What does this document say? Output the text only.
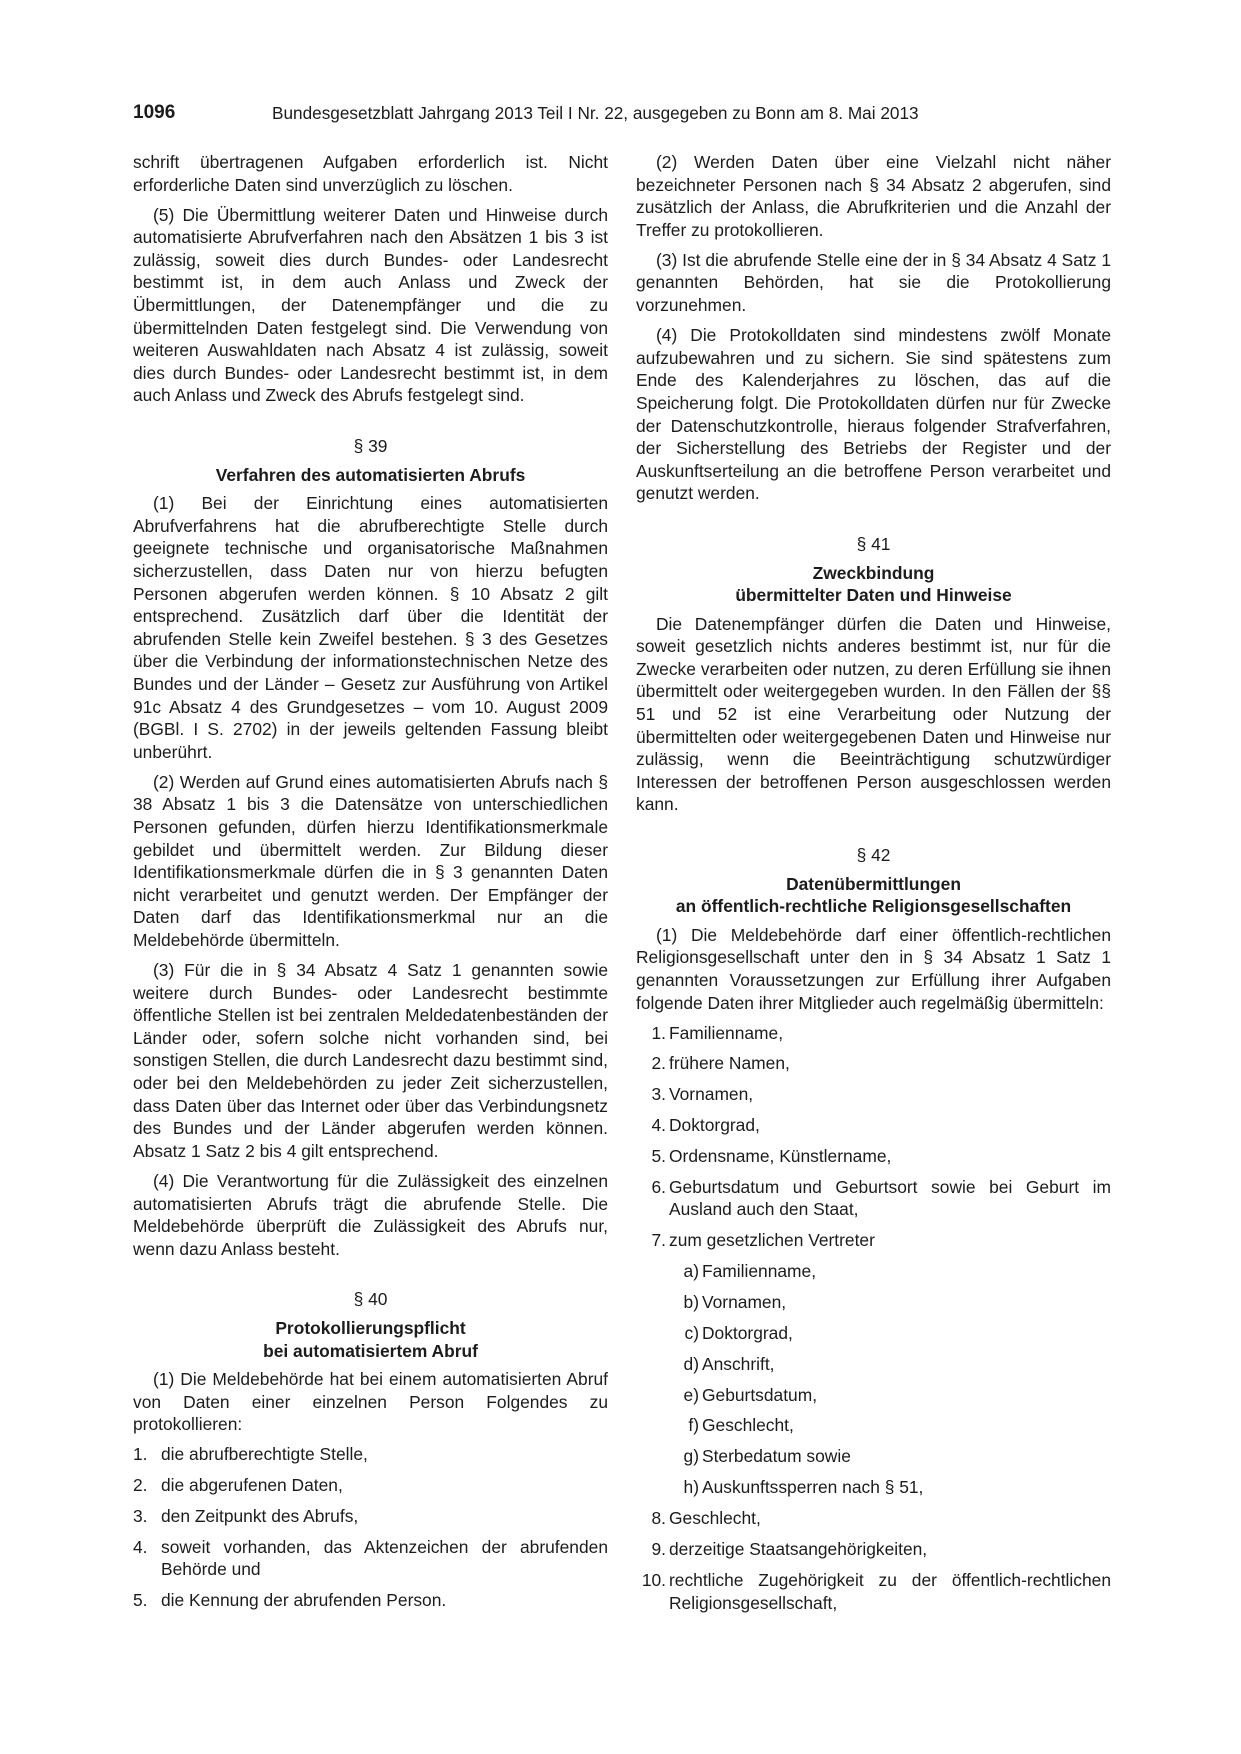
1096	Bundesgesetzblatt Jahrgang 2013 Teil I Nr. 22, ausgegeben zu Bonn am 8. Mai 2013

schrift übertragenen Aufgaben erforderlich ist. Nicht erforderliche Daten sind unverzüglich zu löschen.

(5) Die Übermittlung weiterer Daten und Hinweise durch automatisierte Abrufverfahren nach den Absätzen 1 bis 3 ist zulässig, soweit dies durch Bundes- oder Landesrecht bestimmt ist, in dem auch Anlass und Zweck der Übermittlungen, der Datenempfänger und die zu übermittelnden Daten festgelegt sind. Die Verwendung von weiteren Auswahldaten nach Absatz 4 ist zulässig, soweit dies durch Bundes- oder Landesrecht bestimmt ist, in dem auch Anlass und Zweck des Abrufs festgelegt sind.

§ 39
Verfahren des automatisierten Abrufs

(1) Bei der Einrichtung eines automatisierten Abrufverfahrens hat die abrufberechtigte Stelle durch geeignete technische und organisatorische Maßnahmen sicherzustellen, dass Daten nur von hierzu befugten Personen abgerufen werden können. § 10 Absatz 2 gilt entsprechend. Zusätzlich darf über die Identität der abrufenden Stelle kein Zweifel bestehen. § 3 des Gesetzes über die Verbindung der informationstechnischen Netze des Bundes und der Länder – Gesetz zur Ausführung von Artikel 91c Absatz 4 des Grundgesetzes – vom 10. August 2009 (BGBl. I S. 2702) in der jeweils geltenden Fassung bleibt unberührt.

(2) Werden auf Grund eines automatisierten Abrufs nach § 38 Absatz 1 bis 3 die Datensätze von unterschiedlichen Personen gefunden, dürfen hierzu Identifikationsmerkmale gebildet und übermittelt werden. Zur Bildung dieser Identifikationsmerkmale dürfen die in § 3 genannten Daten nicht verarbeitet und genutzt werden. Der Empfänger der Daten darf das Identifikationsmerkmal nur an die Meldebehörde übermitteln.

(3) Für die in § 34 Absatz 4 Satz 1 genannten sowie weitere durch Bundes- oder Landesrecht bestimmte öffentliche Stellen ist bei zentralen Meldedatenbeständen der Länder oder, sofern solche nicht vorhanden sind, bei sonstigen Stellen, die durch Landesrecht dazu bestimmt sind, oder bei den Meldebehörden zu jeder Zeit sicherzustellen, dass Daten über das Internet oder über das Verbindungsnetz des Bundes und der Länder abgerufen werden können. Absatz 1 Satz 2 bis 4 gilt entsprechend.

(4) Die Verantwortung für die Zulässigkeit des einzelnen automatisierten Abrufs trägt die abrufende Stelle. Die Meldebehörde überprüft die Zulässigkeit des Abrufs nur, wenn dazu Anlass besteht.

§ 40
Protokollierungspflicht
bei automatisiertem Abruf

(1) Die Meldebehörde hat bei einem automatisierten Abruf von Daten einer einzelnen Person Folgendes zu protokollieren:

1. die abrufberechtigte Stelle,
2. die abgerufenen Daten,
3. den Zeitpunkt des Abrufs,
4. soweit vorhanden, das Aktenzeichen der abrufenden Behörde und
5. die Kennung der abrufenden Person.

(2) Werden Daten über eine Vielzahl nicht näher bezeichneter Personen nach § 34 Absatz 2 abgerufen, sind zusätzlich der Anlass, die Abrufkriterien und die Anzahl der Treffer zu protokollieren.

(3) Ist die abrufende Stelle eine der in § 34 Absatz 4 Satz 1 genannten Behörden, hat sie die Protokollierung vorzunehmen.

(4) Die Protokolldaten sind mindestens zwölf Monate aufzubewahren und zu sichern. Sie sind spätestens zum Ende des Kalenderjahres zu löschen, das auf die Speicherung folgt. Die Protokolldaten dürfen nur für Zwecke der Datenschutzkontrolle, hieraus folgender Strafverfahren, der Sicherstellung des Betriebs der Register und der Auskunftserteilung an die betroffene Person verarbeitet und genutzt werden.

§ 41
Zweckbindung
übermittelter Daten und Hinweise

Die Datenempfänger dürfen die Daten und Hinweise, soweit gesetzlich nichts anderes bestimmt ist, nur für die Zwecke verarbeiten oder nutzen, zu deren Erfüllung sie ihnen übermittelt oder weitergegeben wurden. In den Fällen der §§ 51 und 52 ist eine Verarbeitung oder Nutzung der übermittelten oder weitergegebenen Daten und Hinweise nur zulässig, wenn die Beeinträchtigung schutzwürdiger Interessen der betroffenen Person ausgeschlossen werden kann.

§ 42
Datenübermittlungen
an öffentlich-rechtliche Religionsgesellschaften

(1) Die Meldebehörde darf einer öffentlich-rechtlichen Religionsgesellschaft unter den in § 34 Absatz 1 Satz 1 genannten Voraussetzungen zur Erfüllung ihrer Aufgaben folgende Daten ihrer Mitglieder auch regelmäßig übermitteln:

1. Familienname,
2. frühere Namen,
3. Vornamen,
4. Doktorgrad,
5. Ordensname, Künstlername,
6. Geburtsdatum und Geburtsort sowie bei Geburt im Ausland auch den Staat,
7. zum gesetzlichen Vertreter
a) Familienname,
b) Vornamen,
c) Doktorgrad,
d) Anschrift,
e) Geburtsdatum,
f) Geschlecht,
g) Sterbedatum sowie
h) Auskunftssperren nach § 51,
8. Geschlecht,
9. derzeitige Staatsangehörigkeiten,
10. rechtliche Zugehörigkeit zu der öffentlich-rechtlichen Religionsgesellschaft,
